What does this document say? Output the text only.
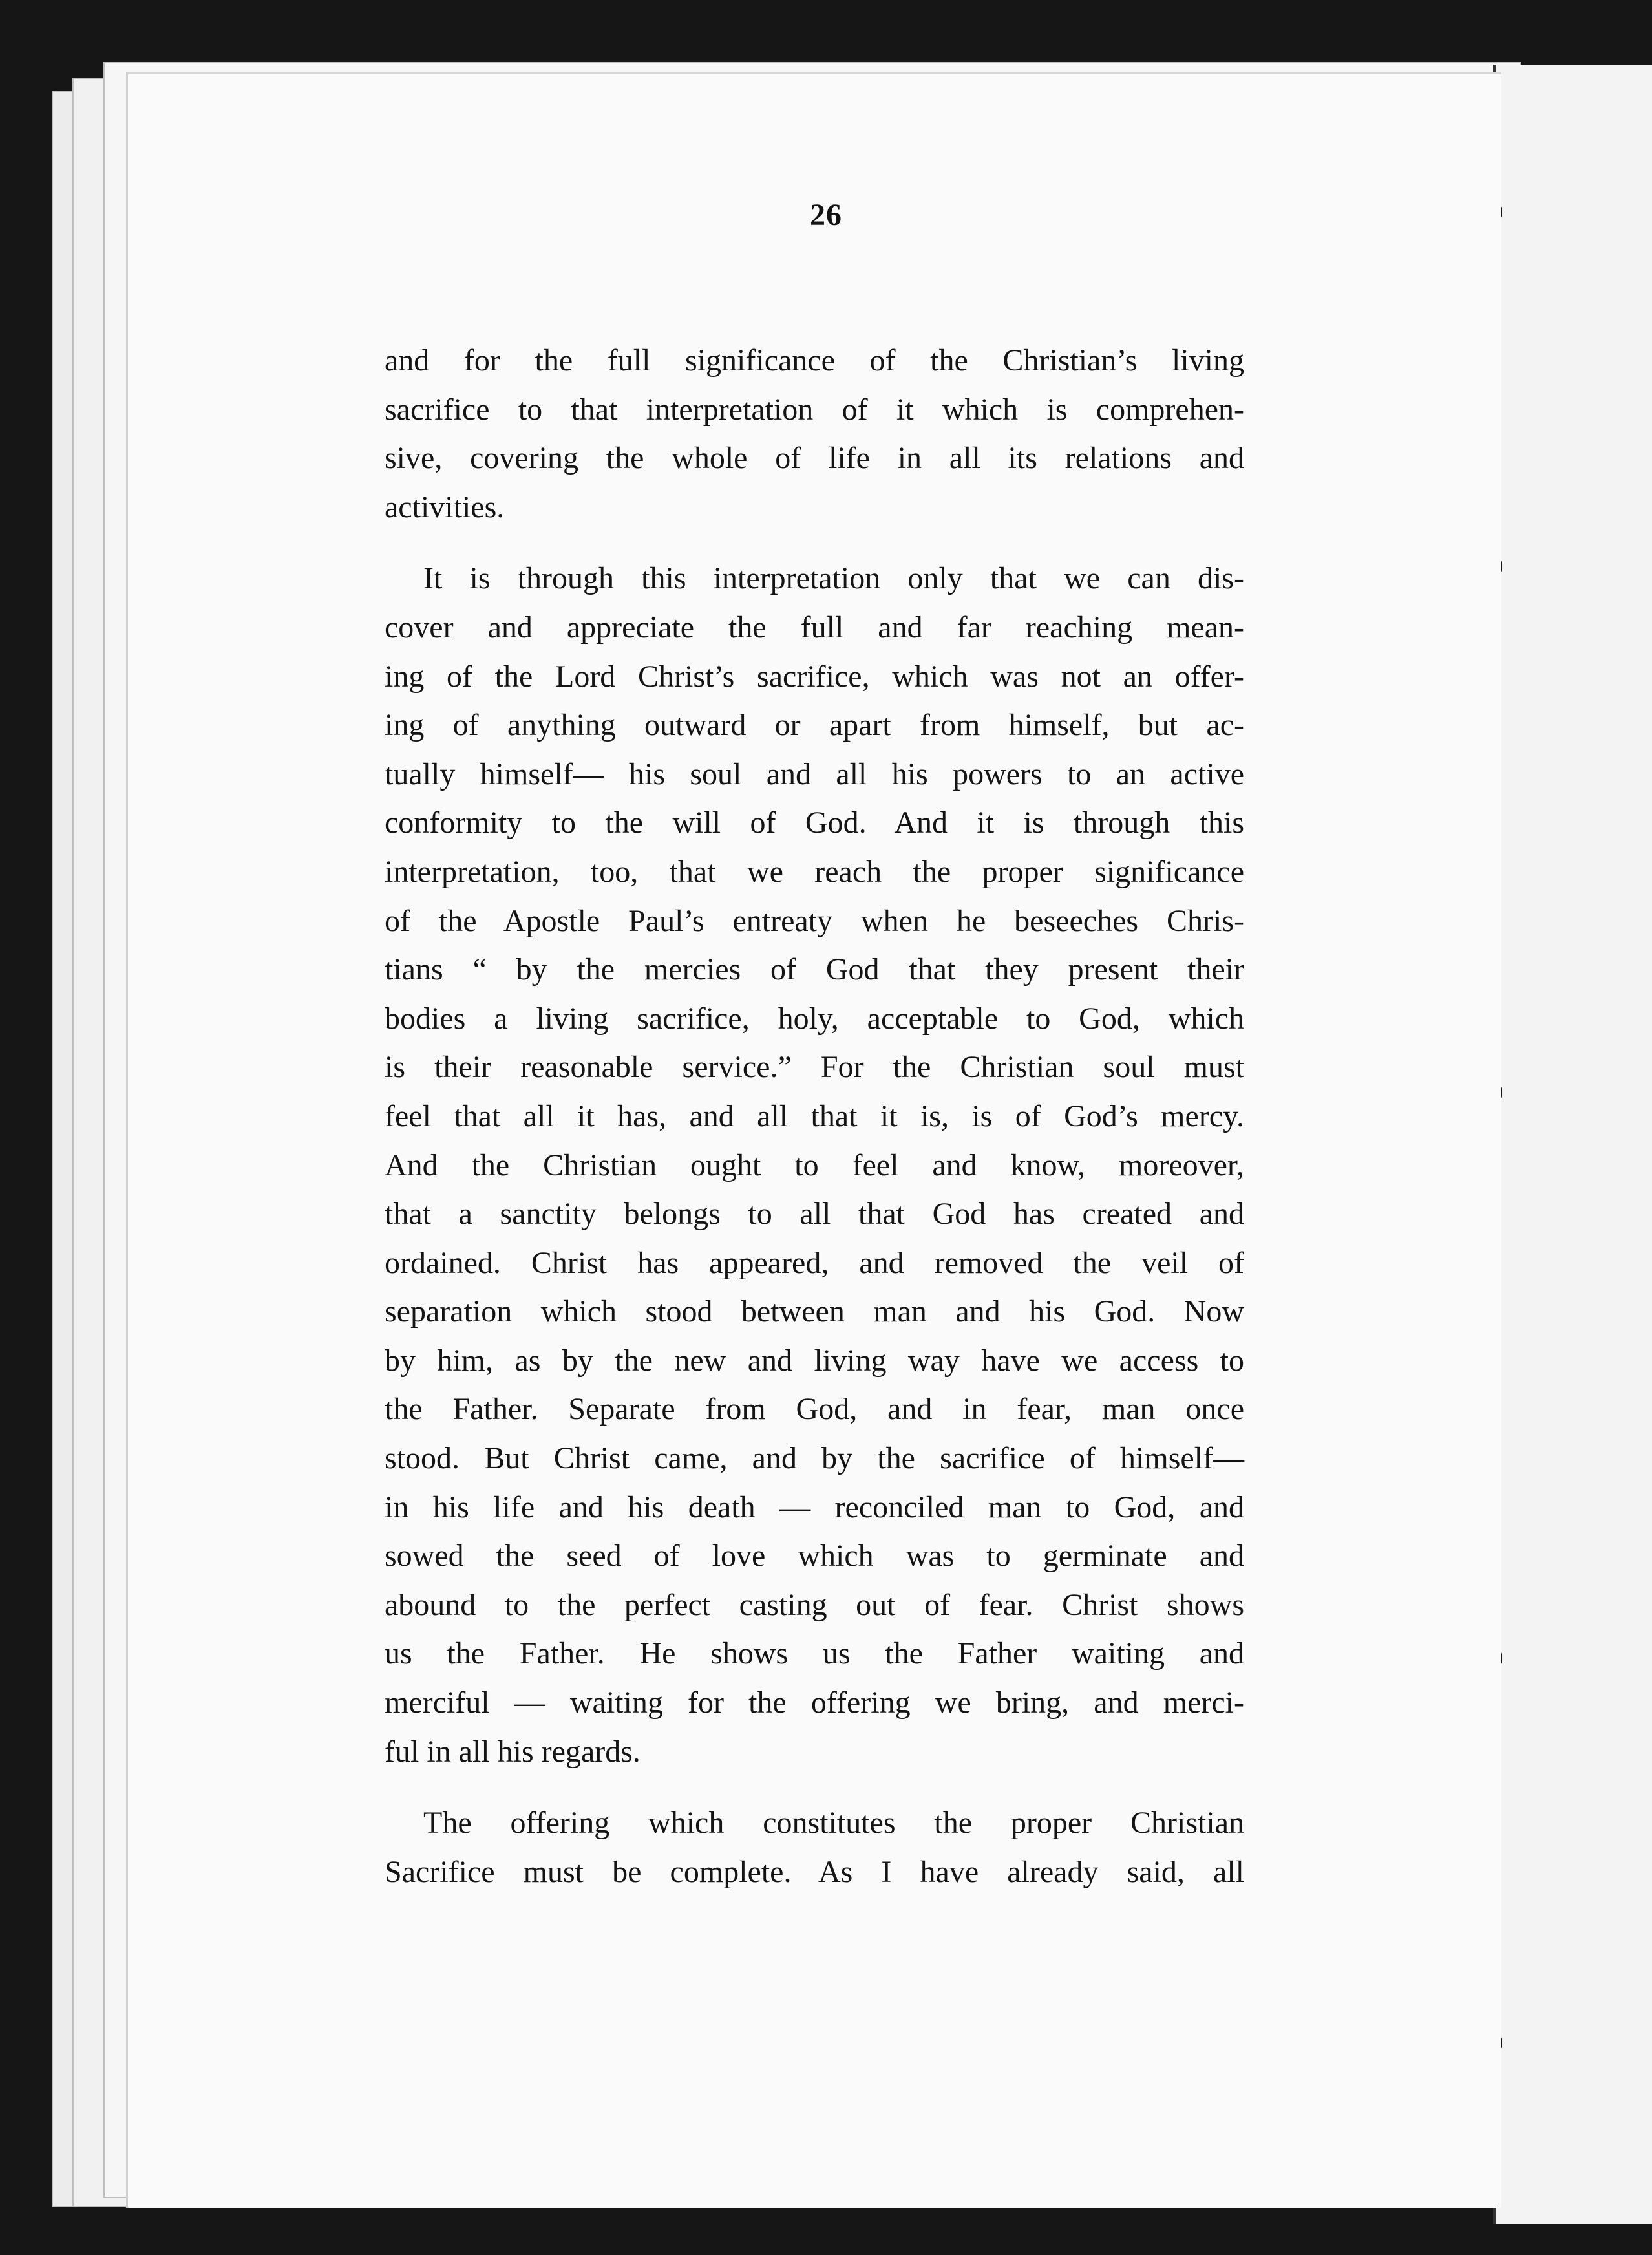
26

and for the full significance of the Christian’s living
sacrifice to that interpretation of it which is comprehen-
sive, covering the whole of life in all its relations and
activities.

It is through this interpretation only that we can dis-
cover and appreciate the full and far reaching mean-
ing of the Lord Christ’s sacrifice, which was not an offer-
ing of anything outward or apart from himself, but ac-
tually himself— his soul and all his powers to an active
conformity to the will of God. And it is through this
interpretation, too, that we reach the proper significance
of the Apostle Paul’s entreaty when he beseeches Chris-
tians “ by the mercies of God that they present their
bodies a living sacrifice, holy, acceptable to God, which
is their reasonable service.” For the Christian soul must
feel that all it has, and all that it is, is of God’s mercy.
And the Christian ought to feel and know, moreover,
that a sanctity belongs to all that God has created and
ordained. Christ has appeared, and removed the veil of
separation which stood between man and his God. Now
by him, as by the new and living way have we access to
the Father. Separate from God, and in fear, man once
stood. But Christ came, and by the sacrifice of himself—
in his life and his death — reconciled man to God, and
sowed the seed of love which was to germinate and
abound to the perfect casting out of fear. Christ shows
us the Father. He shows us the Father waiting and
merciful — waiting for the offering we bring, and merci-
ful in all his regards.

The offering which constitutes the proper Christian
Sacrifice must be complete. As I have already said, all
